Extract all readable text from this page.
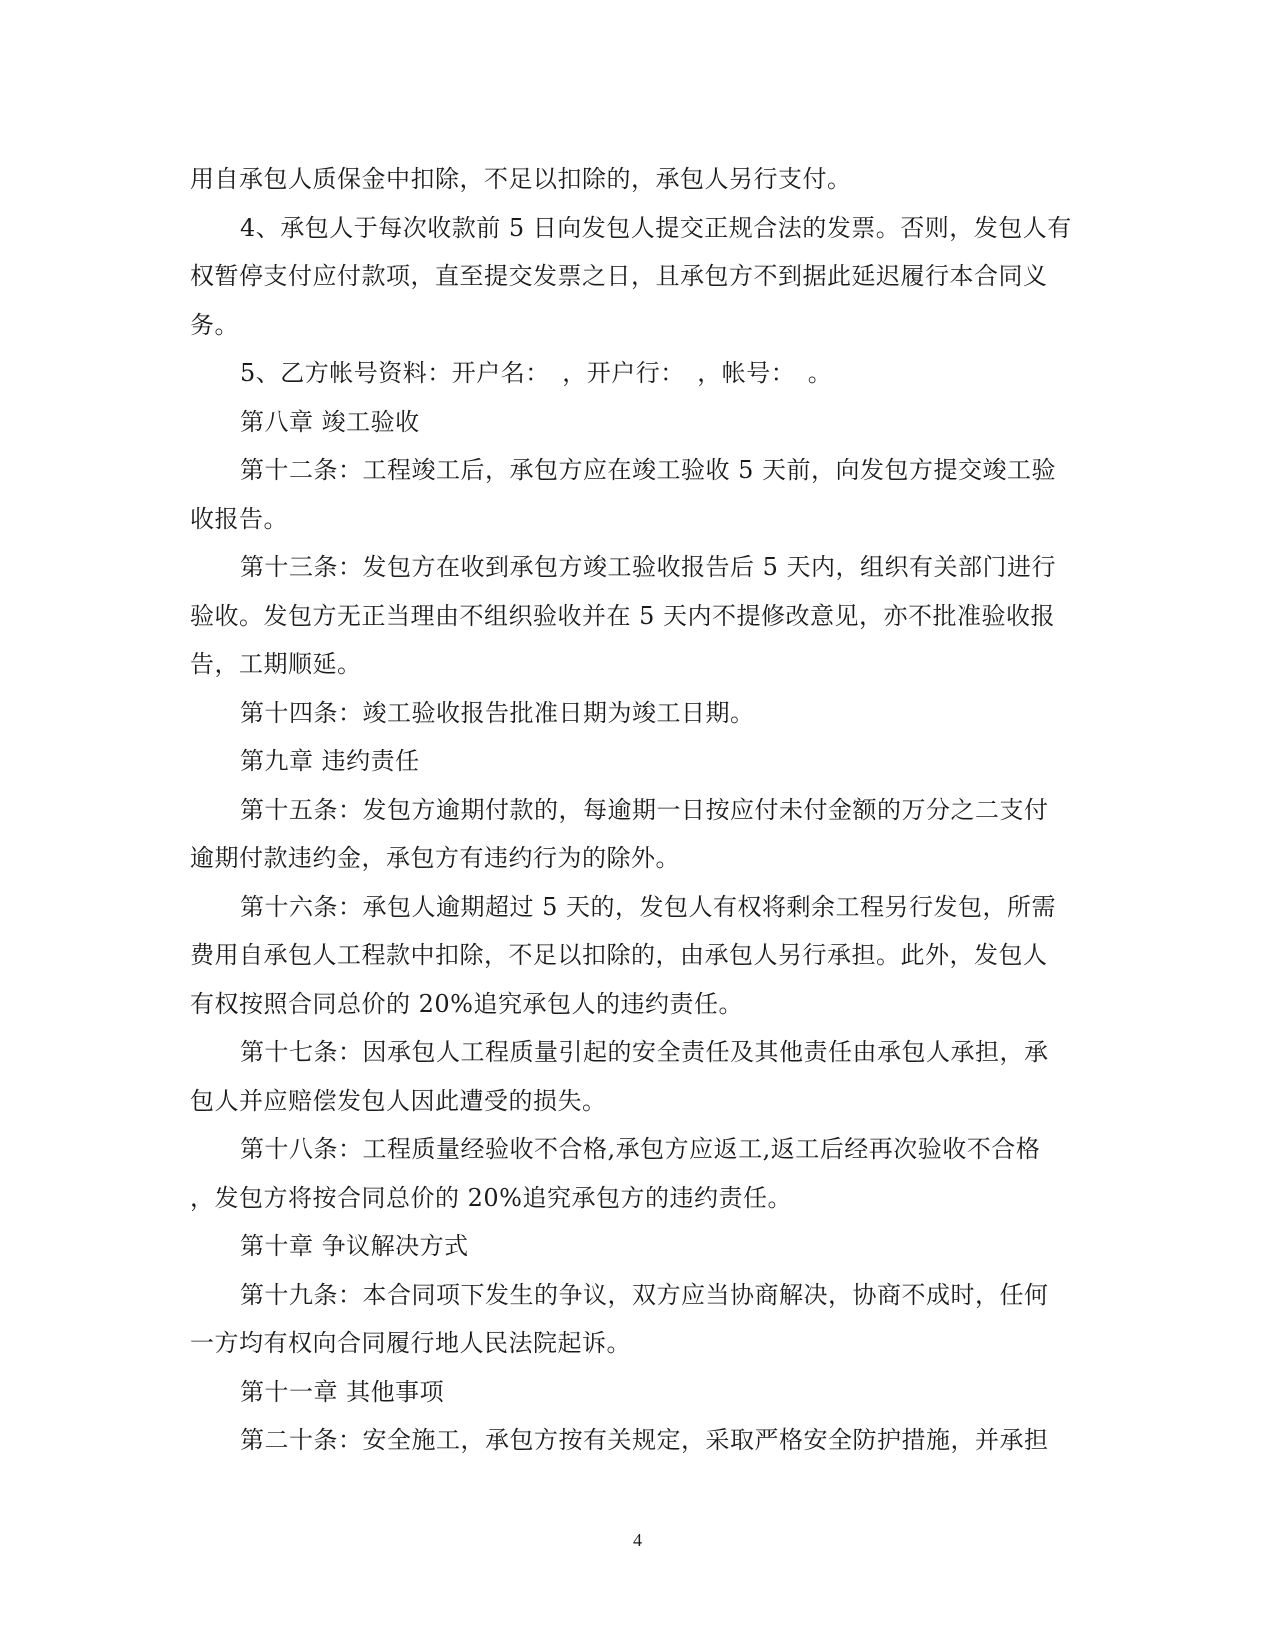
用自承包人质保金中扣除，不足以扣除的，承包人另行支付。
4、承包人于每次收款前 5 日向发包人提交正规合法的发票。否则，发包人有
权暂停支付应付款项，直至提交发票之日，且承包方不到据此延迟履行本合同义
务。
5、乙方帐号资料：开户名：　，开户行：　，帐号：　。
第八章 竣工验收
第十二条：工程竣工后，承包方应在竣工验收 5 天前，向发包方提交竣工验
收报告。
第十三条：发包方在收到承包方竣工验收报告后 5 天内，组织有关部门进行
验收。发包方无正当理由不组织验收并在 5 天内不提修改意见，亦不批准验收报
告，工期顺延。
第十四条：竣工验收报告批准日期为竣工日期。
第九章 违约责任
第十五条：发包方逾期付款的，每逾期一日按应付未付金额的万分之二支付
逾期付款违约金，承包方有违约行为的除外。
第十六条：承包人逾期超过 5 天的，发包人有权将剩余工程另行发包，所需
费用自承包人工程款中扣除，不足以扣除的，由承包人另行承担。此外，发包人
有权按照合同总价的 20%追究承包人的违约责任。
第十七条：因承包人工程质量引起的安全责任及其他责任由承包人承担，承
包人并应赔偿发包人因此遭受的损失。
第十八条：工程质量经验收不合格,承包方应返工,返工后经再次验收不合格
，发包方将按合同总价的 20%追究承包方的违约责任。
第十章 争议解决方式
第十九条：本合同项下发生的争议，双方应当协商解决，协商不成时，任何
一方均有权向合同履行地人民法院起诉。
第十一章 其他事项
第二十条：安全施工，承包方按有关规定，采取严格安全防护措施，并承担
4
